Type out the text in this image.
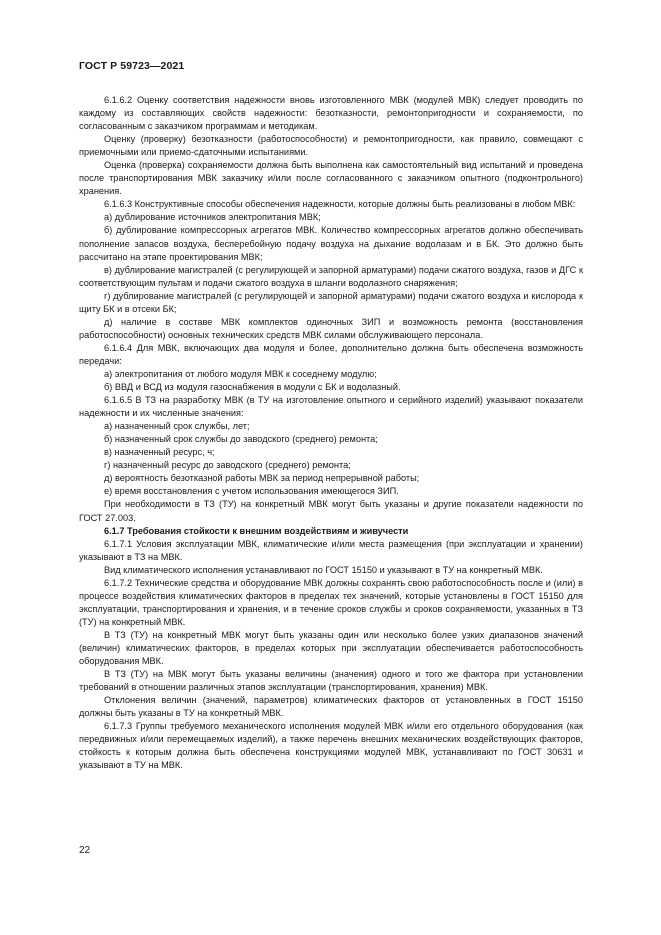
ГОСТ Р 59723—2021

6.1.6.2 Оценку соответствия надежности вновь изготовленного МВК (модулей МВК) следует проводить по каждому из составляющих свойств надежности: безотказности, ремонтопригодности и сохраняемости, по согласованным с заказчиком программам и методикам.

Оценку (проверку) безотказности (работоспособности) и ремонтопригодности, как правило, совмещают с приемочными или приемо-сдаточными испытаниями.

Оценка (проверка) сохраняемости должна быть выполнена как самостоятельный вид испытаний и проведена после транспортирования МВК заказчику и/или после согласованного с заказчиком опытного (подконтрольного) хранения.

6.1.6.3 Конструктивные способы обеспечения надежности, которые должны быть реализованы в любом МВК:

а) дублирование источников электропитания МВК;

б) дублирование компрессорных агрегатов МВК. Количество компрессорных агрегатов должно обеспечивать пополнение запасов воздуха, бесперебойную подачу воздуха на дыхание водолазам и в БК. Это должно быть рассчитано на этапе проектирования МВК;

в) дублирование магистралей (с регулирующей и запорной арматурами) подачи сжатого воздуха, газов и ДГС к соответствующим пультам и подачи сжатого воздуха в шланги водолазного снаряжения;

г) дублирование магистралей (с регулирующей и запорной арматурами) подачи сжатого воздуха и кислорода к щиту БК и в отсеки БК;

д) наличие в составе МВК комплектов одиночных ЗИП и возможность ремонта (восстановления работоспособности) основных технических средств МВК силами обслуживающего персонала.

6.1.6.4 Для МВК, включающих два модуля и более, дополнительно должна быть обеспечена возможность передачи:

а) электропитания от любого модуля МВК к соседнему модулю;

б) ВВД и ВСД из модуля газоснабжения в модули с БК и водолазный.

6.1.6.5 В ТЗ на разработку МВК (в ТУ на изготовление опытного и серийного изделий) указывают показатели надежности и их численные значения:

а) назначенный срок службы, лет;

б) назначенный срок службы до заводского (среднего) ремонта;

в) назначенный ресурс, ч;

г) назначенный ресурс до заводского (среднего) ремонта;

д) вероятность безотказной работы МВК за период непрерывной работы;

е) время восстановления с учетом использования имеющегося ЗИП.

При необходимости в ТЗ (ТУ) на конкретный МВК могут быть указаны и другие показатели надежности по ГОСТ 27.003.

6.1.7 Требования стойкости к внешним воздействиям и живучести

6.1.7.1 Условия эксплуатации МВК, климатические и/или места размещения (при эксплуатации и хранении) указывают в ТЗ на МВК.

Вид климатического исполнения устанавливают по ГОСТ 15150 и указывают в ТУ на конкретный МВК.

6.1.7.2 Технические средства и оборудование МВК должны сохранять свою работоспособность после и (или) в процессе воздействия климатических факторов в пределах тех значений, которые установлены в ГОСТ 15150 для эксплуатации, транспортирования и хранения, и в течение сроков службы и сроков сохраняемости, указанных в ТЗ (ТУ) на конкретный МВК.

В ТЗ (ТУ) на конкретный МВК могут быть указаны один или несколько более узких диапазонов значений (величин) климатических факторов, в пределах которых при эксплуатации обеспечивается работоспособность оборудования МВК.

В ТЗ (ТУ) на МВК могут быть указаны величины (значения) одного и того же фактора при установлении требований в отношении различных этапов эксплуатации (транспортирования, хранения) МВК.

Отклонения величин (значений, параметров) климатических факторов от установленных в ГОСТ 15150 должны быть указаны в ТУ на конкретный МВК.

6.1.7.3 Группы требуемого механического исполнения модулей МВК и/или его отдельного оборудования (как передвижных и/или перемещаемых изделий), а также перечень внешних механических воздействующих факторов, стойкость к которым должна быть обеспечена конструкциями модулей МВК, устанавливают по ГОСТ 30631 и указывают в ТУ на МВК.

22
